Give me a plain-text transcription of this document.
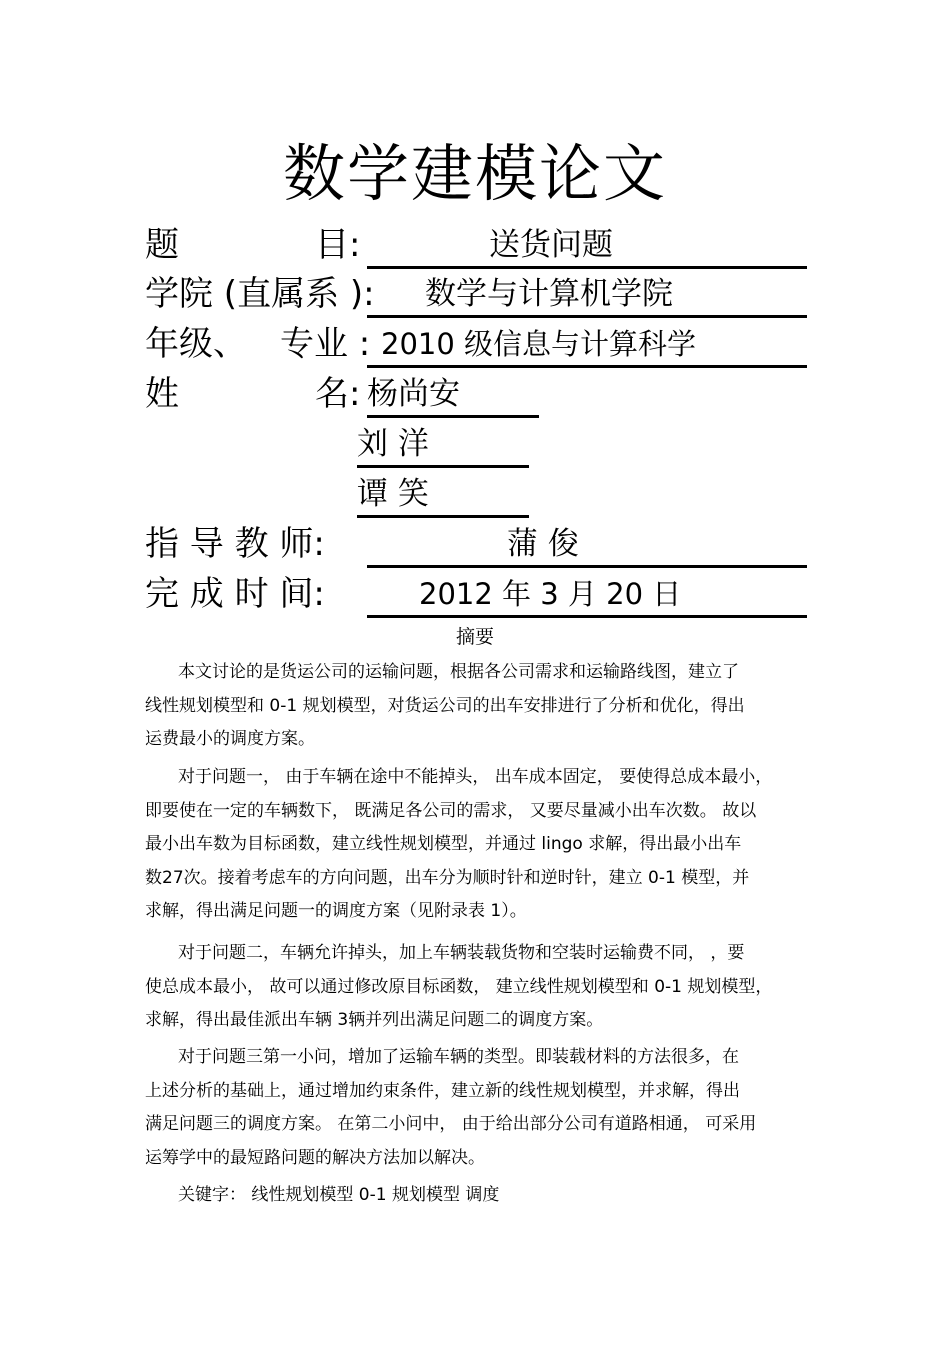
数学建模论文
题	目:	送货问题
学院 (直属系 ): 数学与计算机学院
年级、 专业 : 2010 级信息与计算科学
姓	名: 杨尚安
刘 洋
谭 笑
指 导 教 师:	蒲 俊
完 成 时 间:	2012 年 3 月 20 日
摘要
本文讨论的是货运公司的运输问题，根据各公司需求和运输路线图，建立了
线性规划模型和 0-1 规划模型，对货运公司的出车安排进行了分析和优化，得出
运费最小的调度方案。
对于问题一， 由于车辆在途中不能掉头， 出车成本固定， 要使得总成本最小，
即要使在一定的车辆数下， 既满足各公司的需求， 又要尽量减小出车次数。 故以
最小出车数为目标函数，建立线性规划模型，并通过 lingo 求解，得出最小出车
数27次。接着考虑车的方向问题，出车分为顺时针和逆时针，建立 0-1 模型，并
求解，得出满足问题一的调度方案（见附录表 1）。
对于问题二，车辆允许掉头，加上车辆装载货物和空装时运输费不同， ，要
使总成本最小， 故可以通过修改原目标函数， 建立线性规划模型和 0-1 规划模型，
求解，得出最佳派出车辆 3辆并列出满足问题二的调度方案。
对于问题三第一小问，增加了运输车辆的类型。即装载材料的方法很多，在
上述分析的基础上，通过增加约束条件，建立新的线性规划模型，并求解，得出
满足问题三的调度方案。 在第二小问中， 由于给出部分公司有道路相通， 可采用
运筹学中的最短路问题的解决方法加以解决。
关键字： 线性规划模型 0-1 规划模型 调度
